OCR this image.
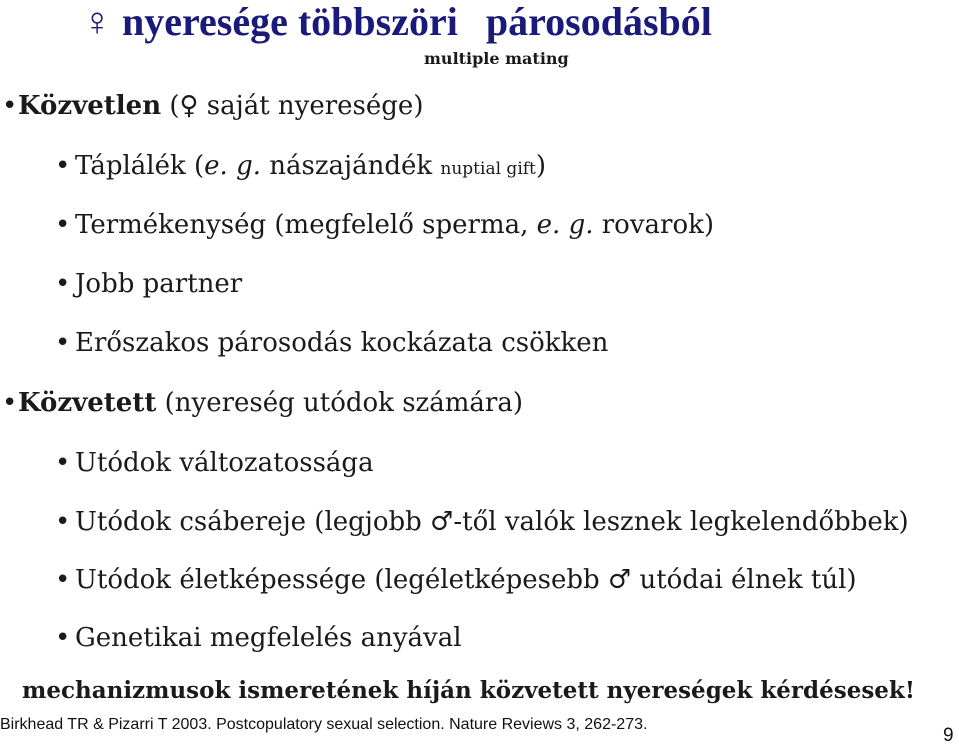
♀ nyeresége többszöri párosodásból
multiple mating
•Közvetlen (♀ saját nyeresége)
• Táplálék (e. g. nászajándék nuptial gift)
• Termékenység (megfelelő sperma, e. g. rovarok)
• Jobb partner
• Erőszakos párosodás kockázata csökken
•Közvetett (nyereség utódok számára)
• Utódok változatossága
• Utódok csábereje (legjobb ♂-től valók lesznek legkelendőbbek)
• Utódok életképessége (legéletképesebb ♂ utódai élnek túl)
• Genetikai megfelelés anyával
mechanizmusok ismeretének híján közvetett nyereségek kérdésesek!
Birkhead TR & Pizarri T 2003. Postcopulatory sexual selection. Nature Reviews 3, 262-273.
9
